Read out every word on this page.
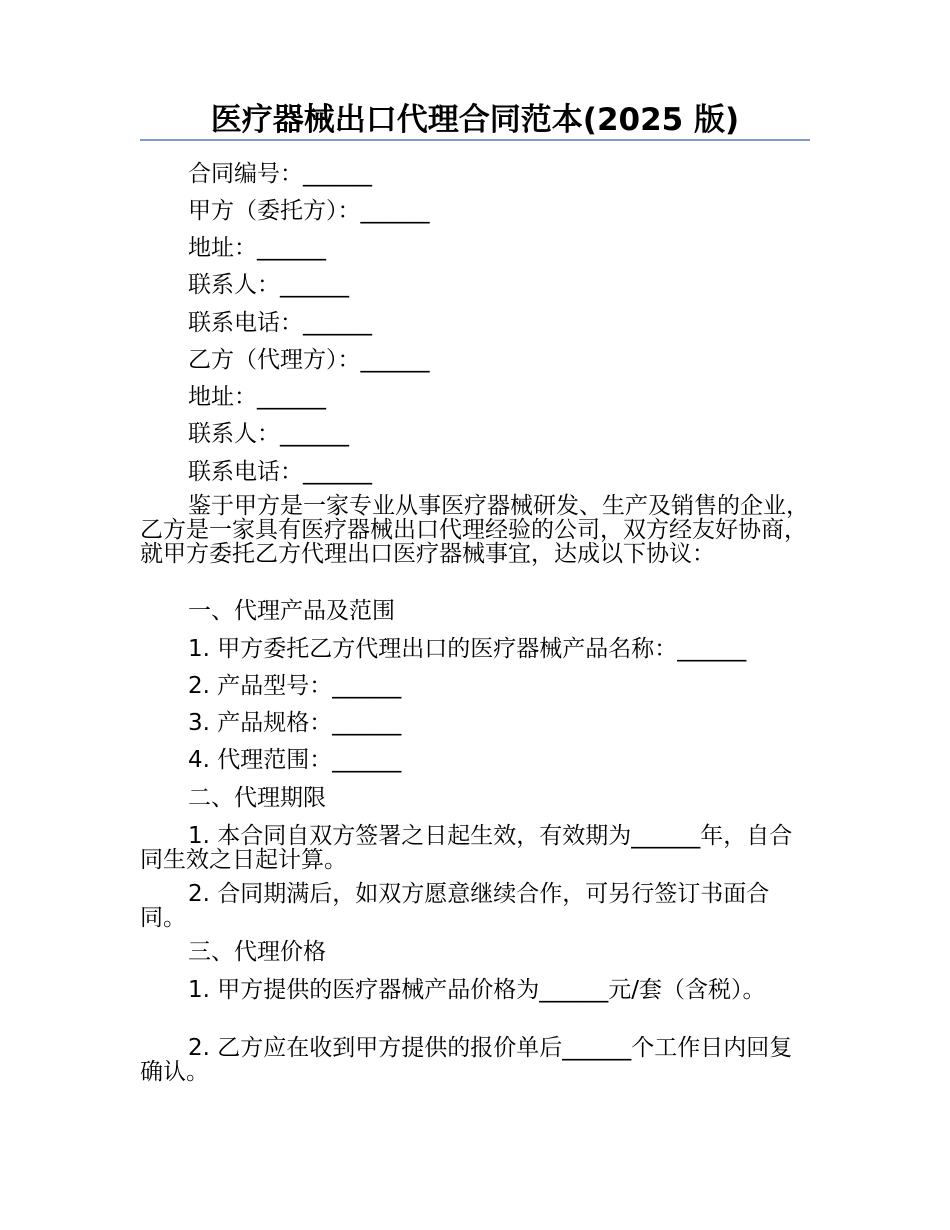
医疗器械出口代理合同范本(2025 版)
合同编号：______
甲方（委托方）：______
地址：______
联系人：______
联系电话：______
乙方（代理方）：______
地址：______
联系人：______
联系电话：______

鉴于甲方是一家专业从事医疗器械研发、生产及销售的企业，乙方是一家具有医疗器械出口代理经验的公司，双方经友好协商，就甲方委托乙方代理出口医疗器械事宜，达成以下协议：

一、代理产品及范围
1. 甲方委托乙方代理出口的医疗器械产品名称：______
2. 产品型号：______
3. 产品规格：______
4. 代理范围：______
二、代理期限

1. 本合同自双方签署之日起生效，有效期为______年，自合同生效之日起计算。

2. 合同期满后，如双方愿意继续合作，可另行签订书面合同。

三、代理价格

1. 甲方提供的医疗器械产品价格为______元/套（含税）。

2. 乙方应在收到甲方提供的报价单后______个工作日内回复确认。
